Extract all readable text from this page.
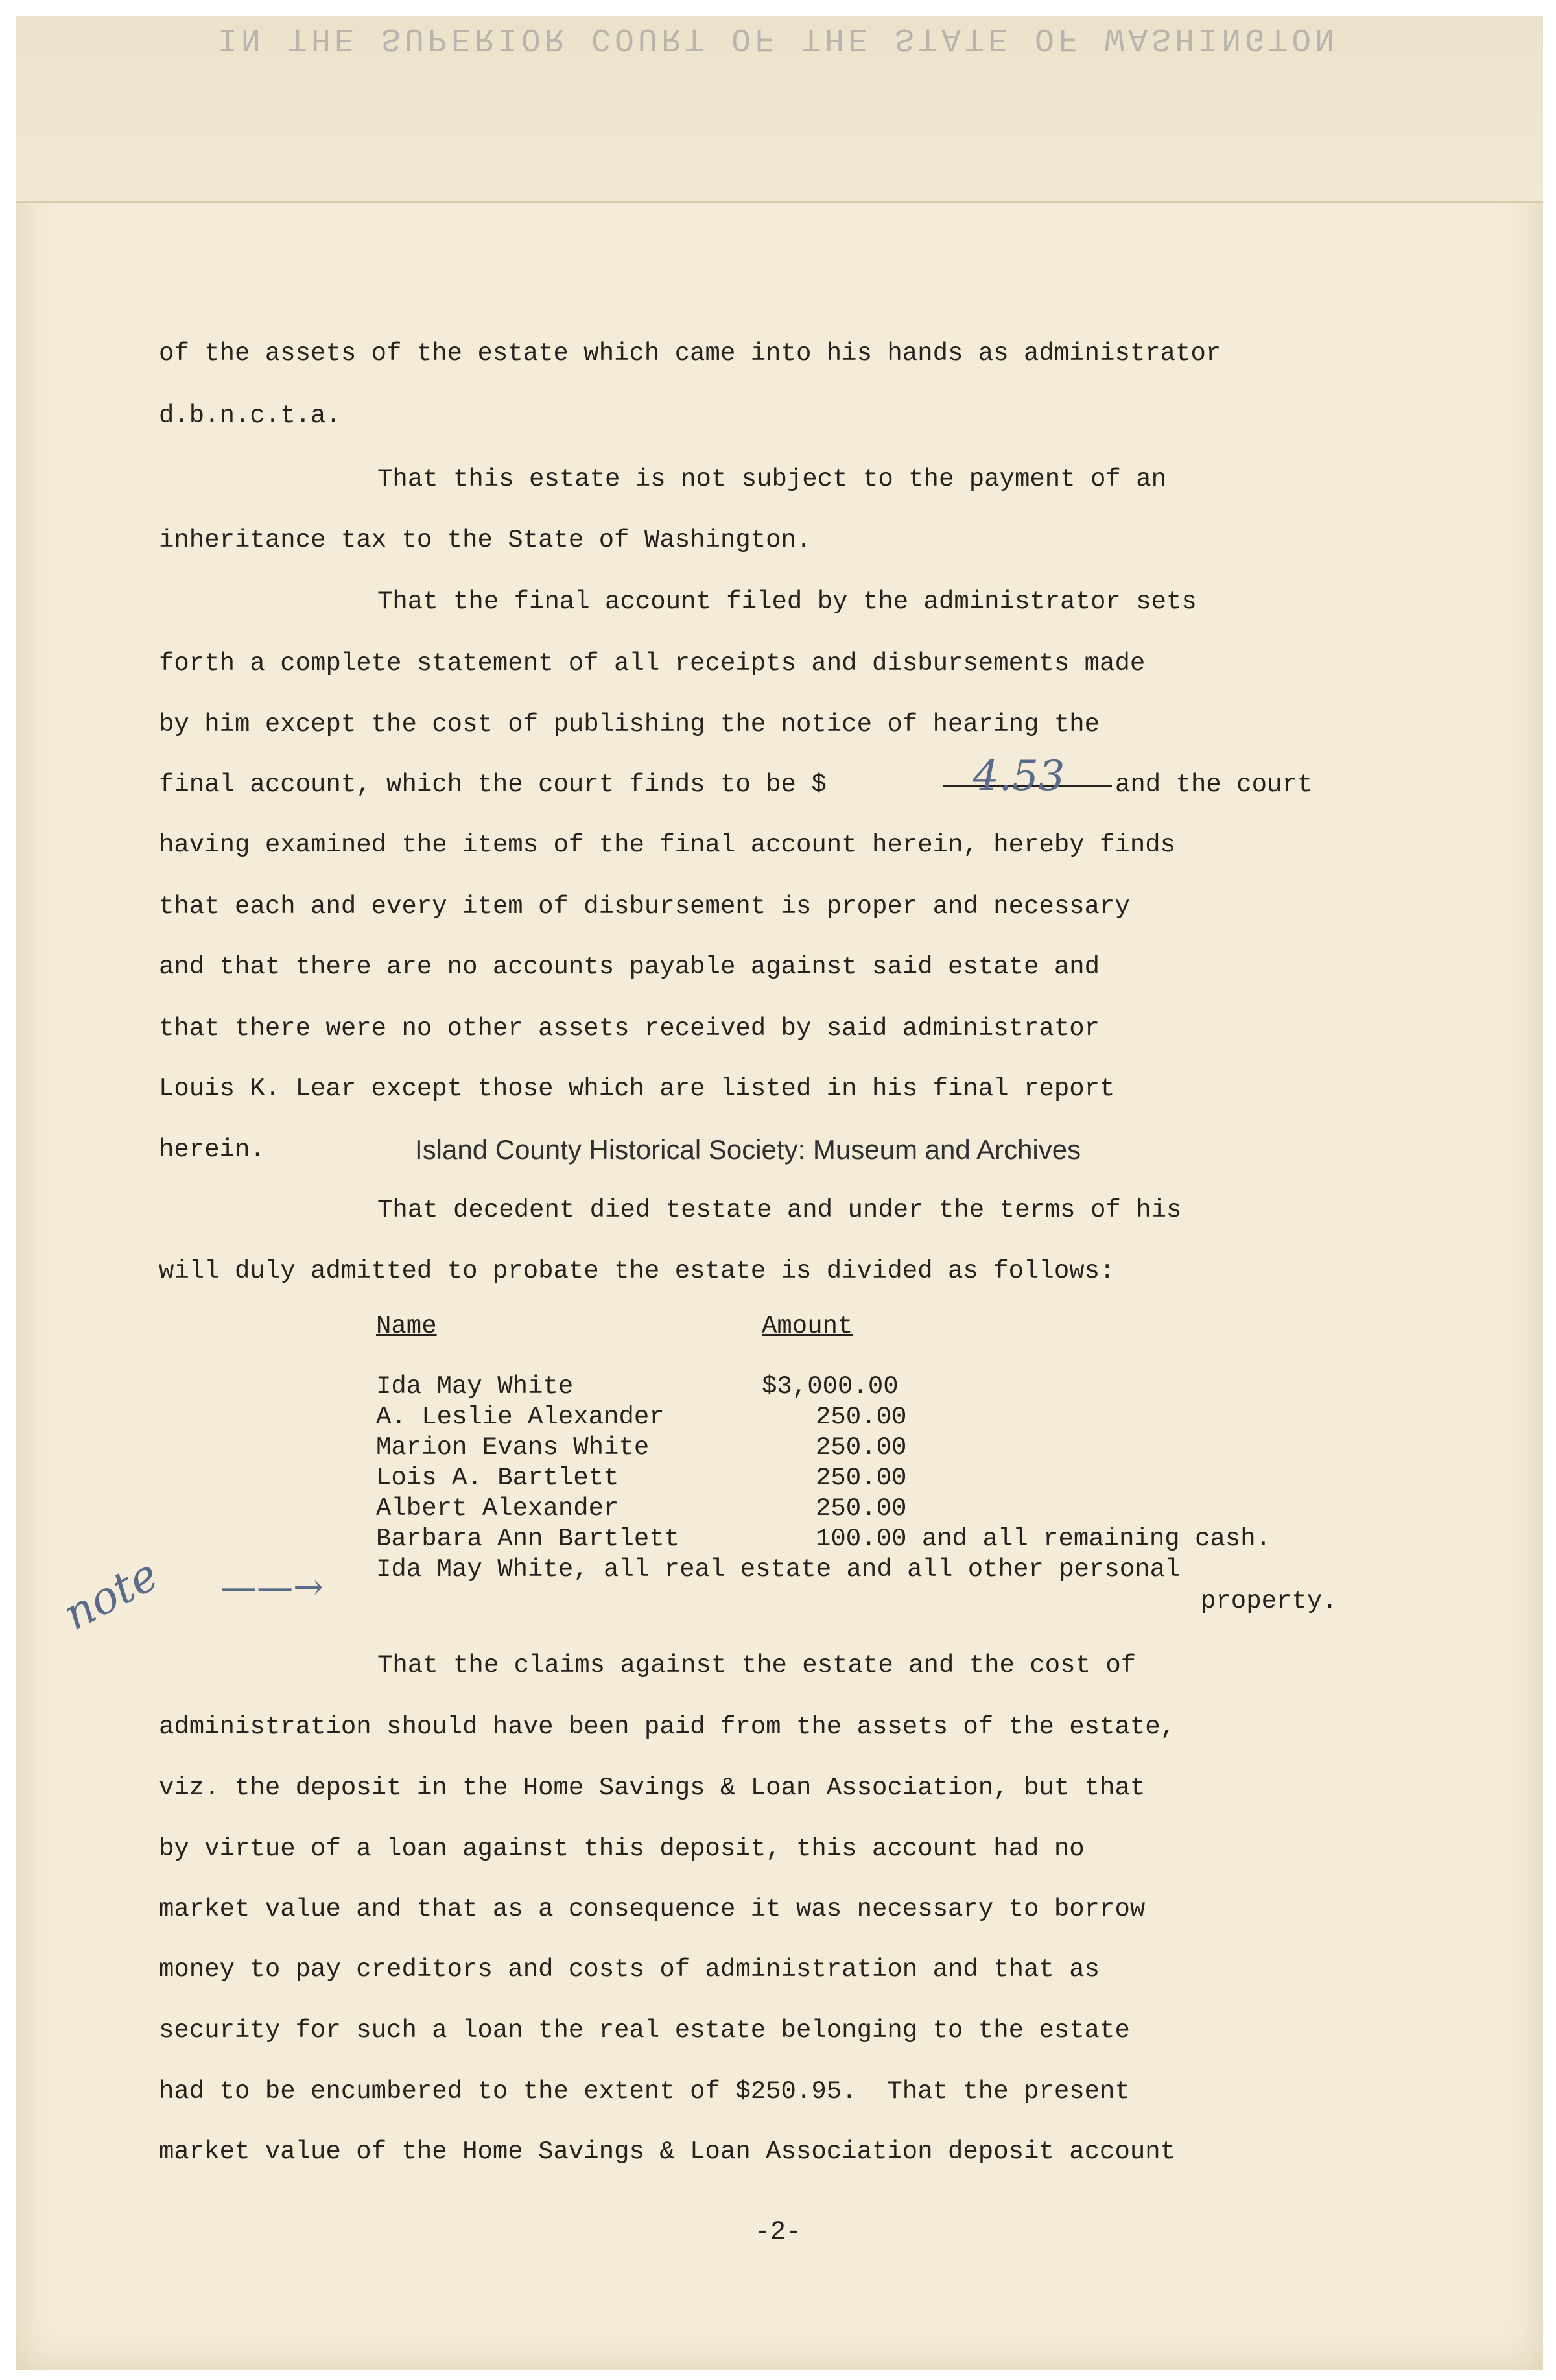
IN THE SUPERIOR COURT OF THE STATE OF WASHINGTON
of the assets of the estate which came into his hands as administrator
d.b.n.c.t.a.
That this estate is not subject to the payment of an
inheritance tax to the State of Washington.
That the final account filed by the administrator sets
forth a complete statement of all receipts and disbursements made
by him except the cost of publishing the notice of hearing the
final account, which the court finds to be $	4.53 and the court
having examined the items of the final account herein, hereby finds
that each and every item of disbursement is proper and necessary
and that there are no accounts payable against said estate and
that there were no other assets received by said administrator
Louis K. Lear except those which are listed in his final report
herein.
That decedent died testate and under the terms of his
will duly admitted to probate the estate is divided as follows:
Island County Historical Society: Museum and Archives
Name	Amount
Ida May White	$3,000.00
A. Leslie Alexander	250.00
Marion Evans White	250.00
Lois A. Bartlett	250.00
Albert Alexander	250.00
Barbara Ann Bartlett	100.00 and all remaining cash.
Ida May White, all real estate and all other personal
property.
note ——→
That the claims against the estate and the cost of
administration should have been paid from the assets of the estate,
viz. the deposit in the Home Savings & Loan Association, but that
by virtue of a loan against this deposit, this account had no
market value and that as a consequence it was necessary to borrow
money to pay creditors and costs of administration and that as
security for such a loan the real estate belonging to the estate
had to be encumbered to the extent of $250.95.  That the present
market value of the Home Savings & Loan Association deposit account
-2-
